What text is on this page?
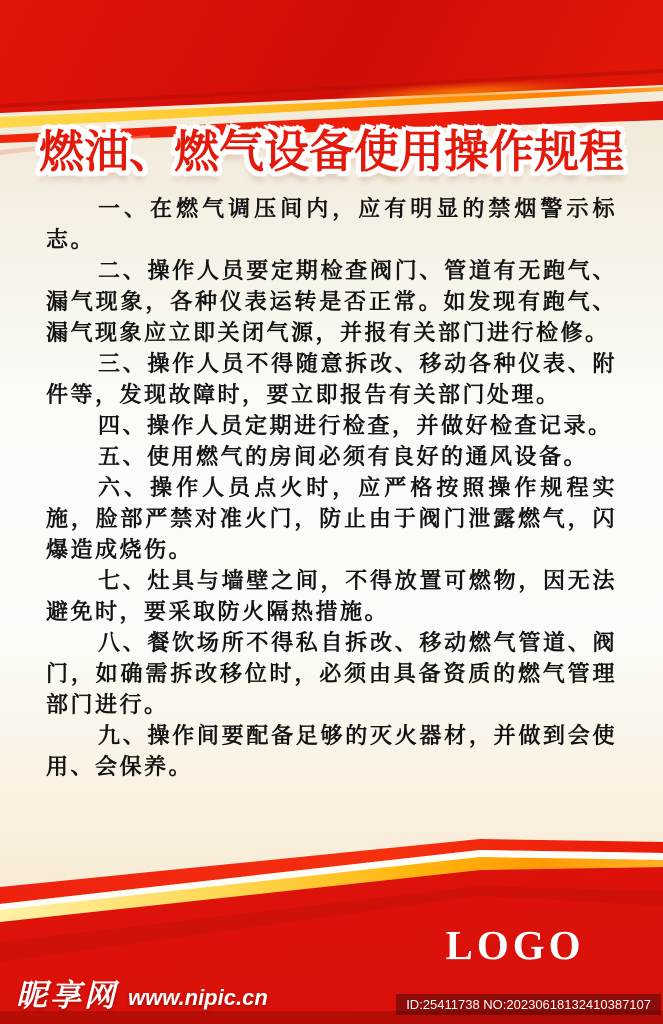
燃油、燃气设备使用操作规程

一、在燃气调压间内，应有明显的禁烟警示标志。

二、操作人员要定期检查阀门、管道有无跑气、漏气现象，各种仪表运转是否正常。如发现有跑气、漏气现象应立即关闭气源，并报有关部门进行检修。

三、操作人员不得随意拆改、移动各种仪表、附件等，发现故障时，要立即报告有关部门处理。

四、操作人员定期进行检查，并做好检查记录。

五、使用燃气的房间必须有良好的通风设备。

六、操作人员点火时，应严格按照操作规程实施，脸部严禁对准火门，防止由于阀门泄露燃气，闪爆造成烧伤。

七、灶具与墙壁之间，不得放置可燃物，因无法避免时，要采取防火隔热措施。

八、餐饮场所不得私自拆改、移动燃气管道、阀门，如确需拆改移位时，必须由具备资质的燃气管理部门进行。

九、操作间要配备足够的灭火器材，并做到会使用、会保养。

LOGO
昵享网 www.nipic.cn	ID:25411738 NO:20230618132410387107
